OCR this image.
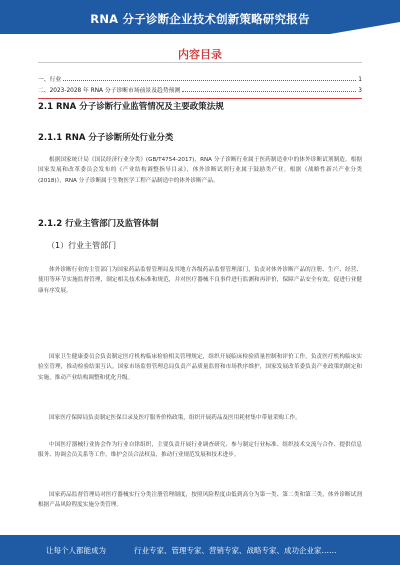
RNA 分子诊断企业技术创新策略研究报告
内容目录
一、行业	1
二、2023-2028 年 RNA 分子诊断市场前景及趋势预测	3
2.1 RNA 分子诊断行业监管情况及主要政策法规
2.1.1 RNA 分子诊断所处行业分类
根据国家统计局《国民经济行业分类》(GB/T4754-2017)，RNA 分子诊断行业属于医药制造业中的体外诊断试剂制造。根据国家发展和改革委员会发布的《产业结构调整指导目录》，体外诊断试剂行业属于鼓励类产业。根据《战略性新兴产业分类(2018)》，RNA 分子诊断属于生物医学工程产品制造中的体外诊断产品。
2.1.2 行业主管部门及监管体制
（1）行业主管部门
体外诊断行业的主管部门为国家药品监督管理局及其地方各级药品监督管理部门，负责对体外诊断产品的注册、生产、经营、使用等环节实施监督管理，制定相关技术标准和规范，并对医疗器械不良事件进行监测和再评价，保障产品安全有效，促进行业健康有序发展。
国家卫生健康委员会负责制定医疗机构临床检验相关管理规定，组织开展临床检验质量控制和评价工作，负责医疗机构临床实验室管理，推动检验结果互认。国家市场监督管理总局负责产品质量监督和市场秩序维护，国家发展改革委负责产业政策的制定和实施，推动产业结构调整和优化升级。
国家医疗保障局负责制定医保目录及医疗服务价格政策，组织开展药品及医用耗材集中带量采购工作。
中国医疗器械行业协会作为行业自律组织，主要负责开展行业调查研究、参与制定行业标准、组织技术交流与合作、提供信息服务、协调会员关系等工作，维护会员合法权益，推动行业规范发展和技术进步。
国家药品监督管理局对医疗器械实行分类注册管理制度，按照风险程度由低到高分为第一类、第二类和第三类，体外诊断试剂根据产品风险程度实施分类管理。
让每个人都能成为	行业专家、管理专家、营销专家、战略专家、成功企业家……
